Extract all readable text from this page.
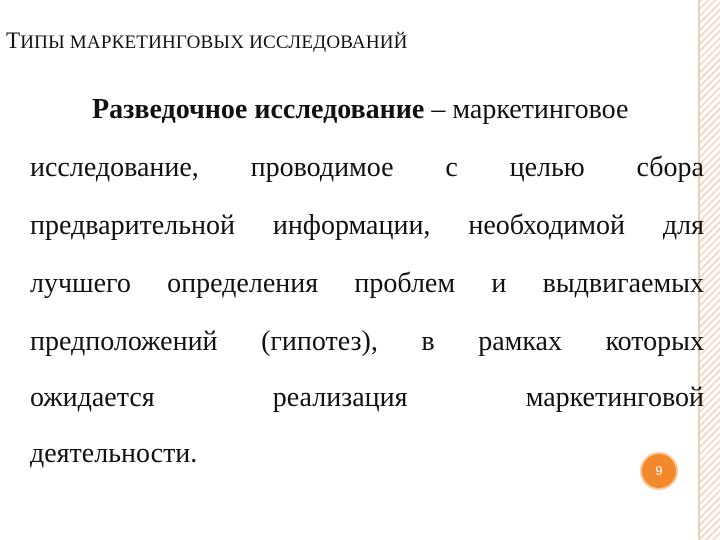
ТИПЫ МАРКЕТИНГОВЫХ ИССЛЕДОВАНИЙ
Разведочное исследование – маркетинговое
исследование, проводимое с целью сбора
предварительной информации, необходимой для
лучшего определения проблем и выдвигаемых
предположений (гипотез), в рамках которых
ожидается	реализация	маркетинговой
деятельности.
9
